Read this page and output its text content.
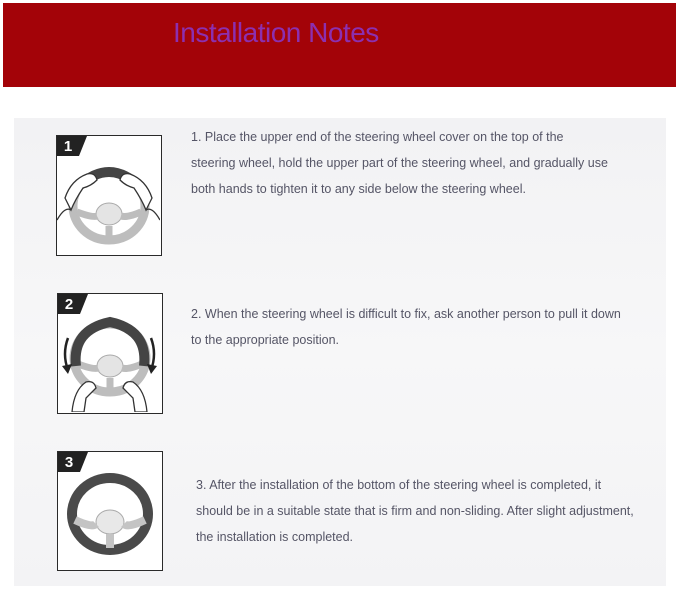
Installation Notes
1
1. Place the upper end of the steering wheel cover on the top of the steering wheel, hold the upper part of the steering wheel, and gradually use both hands to tighten it to any side below the steering wheel.
2
2. When the steering wheel is difficult to fix, ask another person to pull it down to the appropriate position.
3
3. After the installation of the bottom of the steering wheel is completed, it should be in a suitable state that is firm and non-sliding. After slight adjustment, the installation is completed.
